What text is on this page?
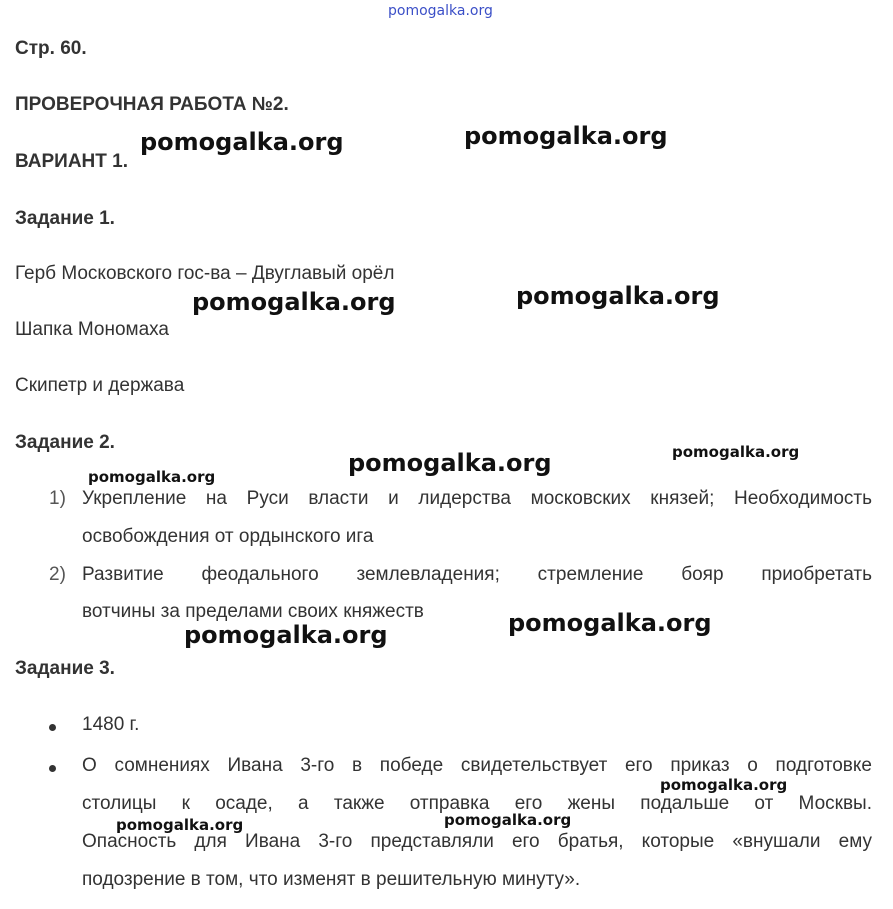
pomogalka.org
Стр. 60.
ПРОВЕРОЧНАЯ РАБОТА №2.
ВАРИАНТ 1.
Задание 1.
Герб Московского гос-ва – Двуглавый орёл
Шапка Мономаха
Скипетр и держава
Задание 2.
1) Укрепление на Руси власти и лидерства московских князей; Необходимость
освобождения от ордынского ига
2) Развитие феодального землевладения; стремление бояр приобретать
вотчины за пределами своих княжеств
Задание 3.
1480 г.
О сомнениях Ивана 3-го в победе свидетельствует его приказ о подготовке
столицы к осаде, а также отправка его жены подальше от Москвы.
Опасность для Ивана 3-го представляли его братья, которые «внушали ему
подозрение в том, что изменят в решительную минуту».
pomogalka.org	pomogalka.org
pomogalka.org	pomogalka.org
pomogalka.org
pomogalka.org	pomogalka.org
pomogalka.org
pomogalka.org
pomogalka.org
pomogalka.org
pomogalka.org
